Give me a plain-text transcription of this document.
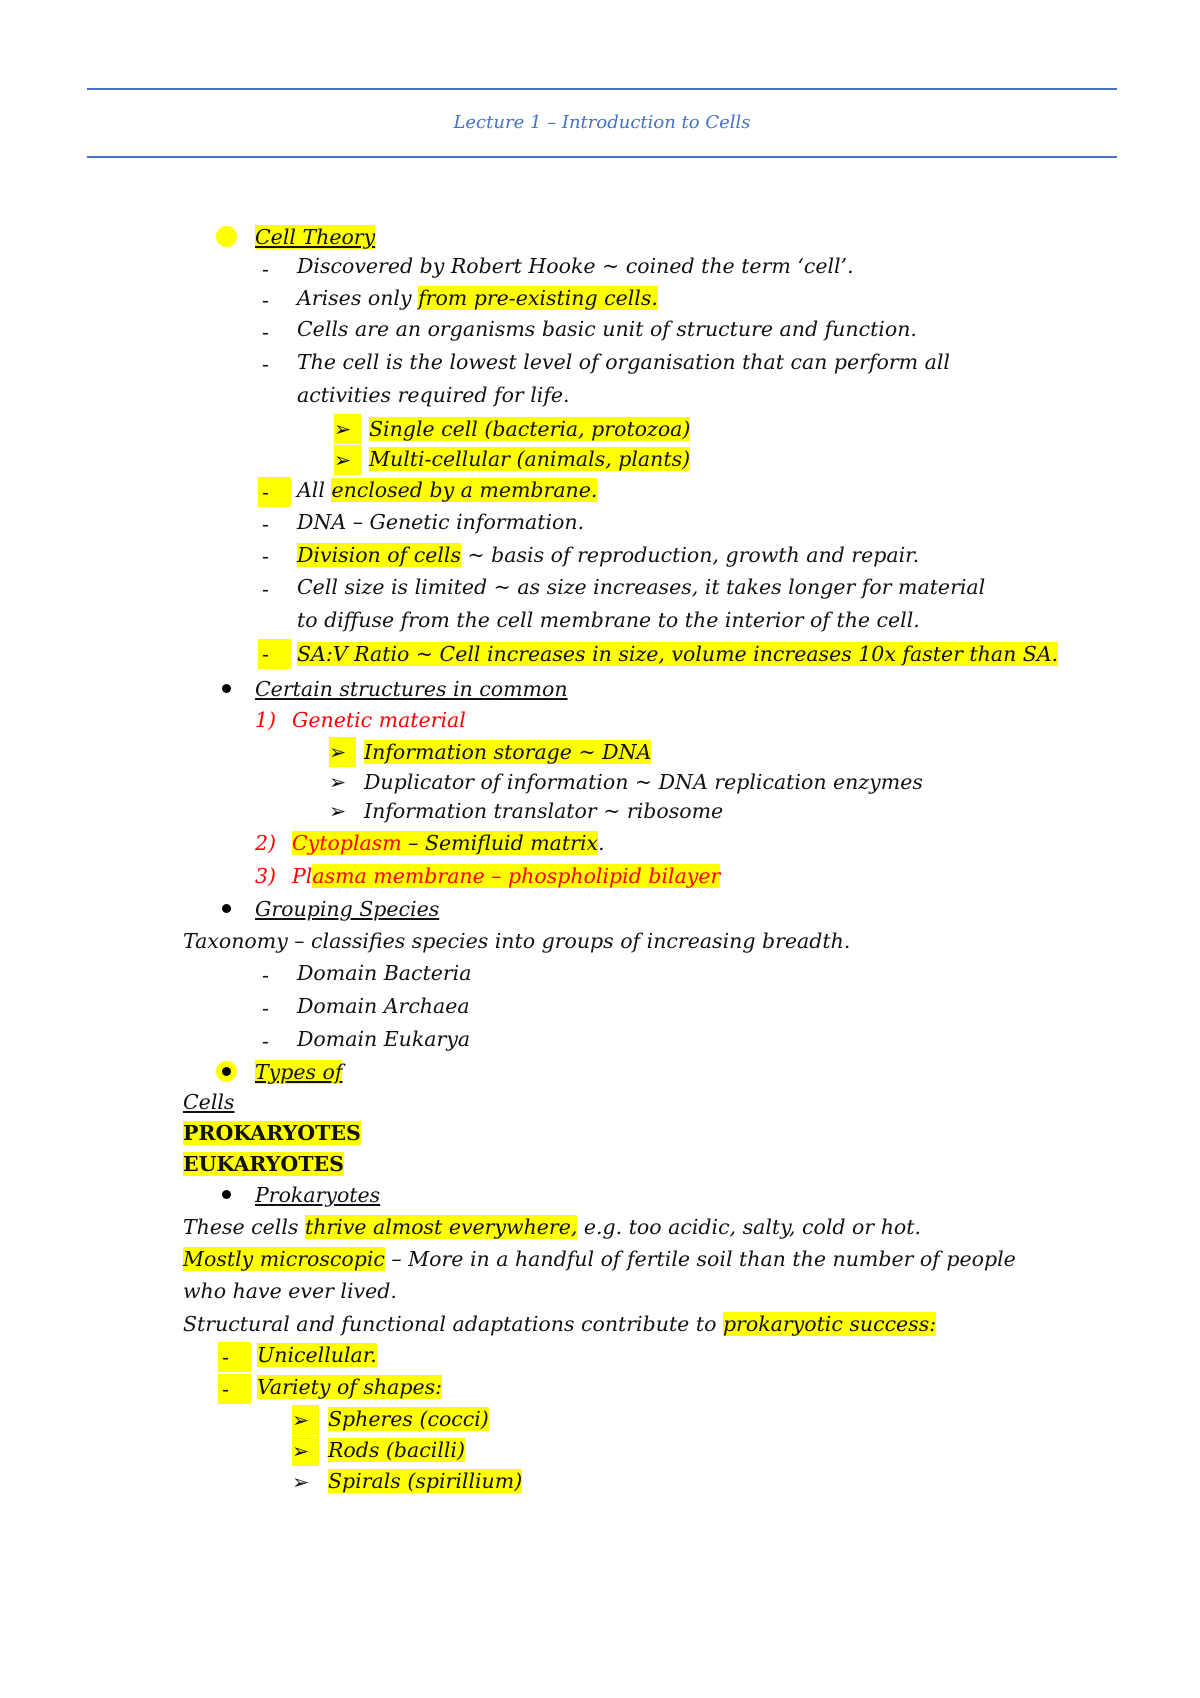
Lecture 1 – Introduction to Cells
Cell Theory
- Discovered by Robert Hooke ~ coined the term ‘cell’.
- Arises only from pre-existing cells.
- Cells are an organisms basic unit of structure and function.
- The cell is the lowest level of organisation that can perform all
activities required for life.
➢ Single cell (bacteria, protozoa)
➢ Multi-cellular (animals, plants)
-	All enclosed by a membrane.
- DNA – Genetic information.
- Division of cells ~ basis of reproduction, growth and repair.
- Cell size is limited ~ as size increases, it takes longer for material
to diffuse from the cell membrane to the interior of the cell.
-	SA:V Ratio ~ Cell increases in size, volume increases 10x faster than SA.
Certain structures in common
1) Genetic material
➢ Information storage ~ DNA
➢ Duplicator of information ~ DNA replication enzymes
➢ Information translator ~ ribosome
2) Cytoplasm – Semifluid matrix.
3) Plasma membrane – phospholipid bilayer
Grouping Species
Taxonomy – classifies species into groups of increasing breadth.
- Domain Bacteria
- Domain Archaea
- Domain Eukarya
Types of
Cells
PROKARYOTES
EUKARYOTES
Prokaryotes
These cells thrive almost everywhere, e.g. too acidic, salty, cold or hot.
Mostly microscopic – More in a handful of fertile soil than the number of people
who have ever lived.
Structural and functional adaptations contribute to prokaryotic success:
-	Unicellular.
-	Variety of shapes:
➢ Spheres (cocci)
➢ Rods (bacilli)
➢ Spirals (spirillium)
